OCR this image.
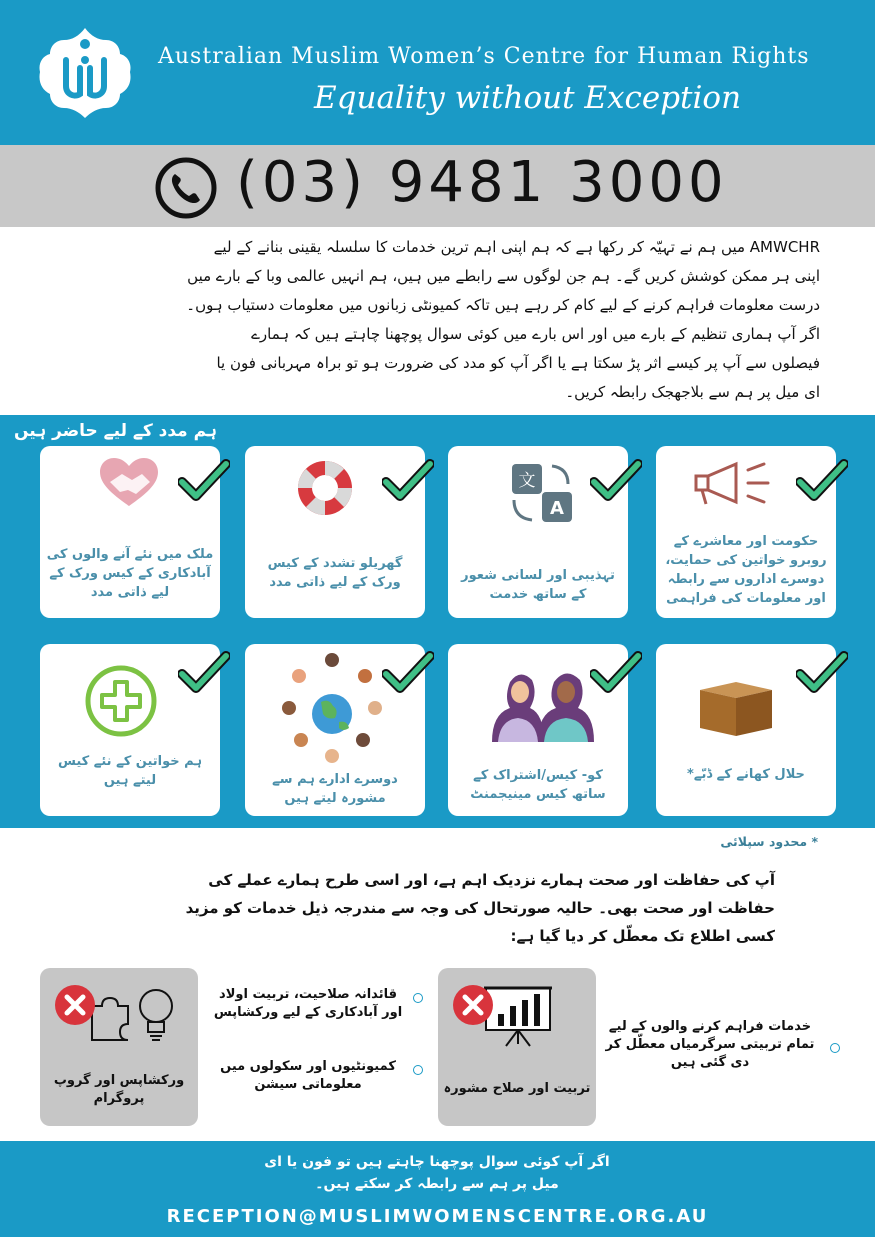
Australian Muslim Women’s Centre for Human Rights
Equality without Exception
(03) 9481 3000
AMWCHR میں ہم نے تہیّہ کر رکھا ہے کہ ہم اپنی اہم ترین خدمات کا سلسلہ یقینی بنانے کے لیے
اپنی ہر ممکن کوشش کریں گے۔ ہم جن لوگوں سے رابطے میں ہیں، ہم انہیں عالمی وبا کے بارے میں
درست معلومات فراہم کرنے کے لیے کام کر رہے ہیں تاکہ کمیونٹی زبانوں میں معلومات دستیاب ہوں۔
اگر آپ ہماری تنظیم کے بارے میں اور اس بارے میں کوئی سوال پوچھنا چاہتے ہیں کہ ہمارے
فیصلوں سے آپ پر کیسے اثر پڑ سکتا ہے یا اگر آپ کو مدد کی ضرورت ہو تو براہ مہربانی فون یا
ای میل پر ہم سے بلاجھجک رابطہ کریں۔
ہم مدد کے لیے حاضر ہیں
ملک میں نئے آنے والوں کی آبادکاری کے کیس ورک کے لیے ذاتی مدد
گھریلو تشدد کے کیس ورک کے لیے ذاتی مدد
文
A
تہذیبی اور لسانی شعور کے ساتھ خدمت
حکومت اور معاشرے کے روبرو خواتین کی حمایت، دوسرے اداروں سے رابطہ اور معلومات کی فراہمی
ہم خواتین کے نئے کیس لیتے ہیں	دوسرے ادارے ہم سے مشورہ لیتے ہیں
کو- کیس/اشتراک کے ساتھ کیس مینیجمنٹ
حلال کھانے کے ڈبّے*
* محدود سپلائی
آپ کی حفاظت اور صحت ہمارے نزدیک اہم ہے، اور اسی طرح ہمارے عملے کی
حفاظت اور صحت بھی۔ حالیہ صورتحال کی وجہ سے مندرجہ ذیل خدمات کو مزید
کسی اطلاع تک معطّل کر دیا گیا ہے:
ورکشاپس اور گروپ پروگرام
قائدانہ صلاحیت، تربیت اولاد اور آبادکاری کے لیے ورکشاپس
کمیونٹیوں اور سکولوں میں معلوماتی سیشن	تربیت اور صلاح مشورہ
خدمات فراہم کرنے والوں کے لیے تمام تربیتی سرگرمیاں معطّل کر دی گئی ہیں
اگر آپ کوئی سوال پوچھنا چاہتے ہیں تو فون یا ای
میل پر ہم سے رابطہ کر سکتے ہیں۔
RECEPTION@MUSLIMWOMENSCENTRE.ORG.AU
